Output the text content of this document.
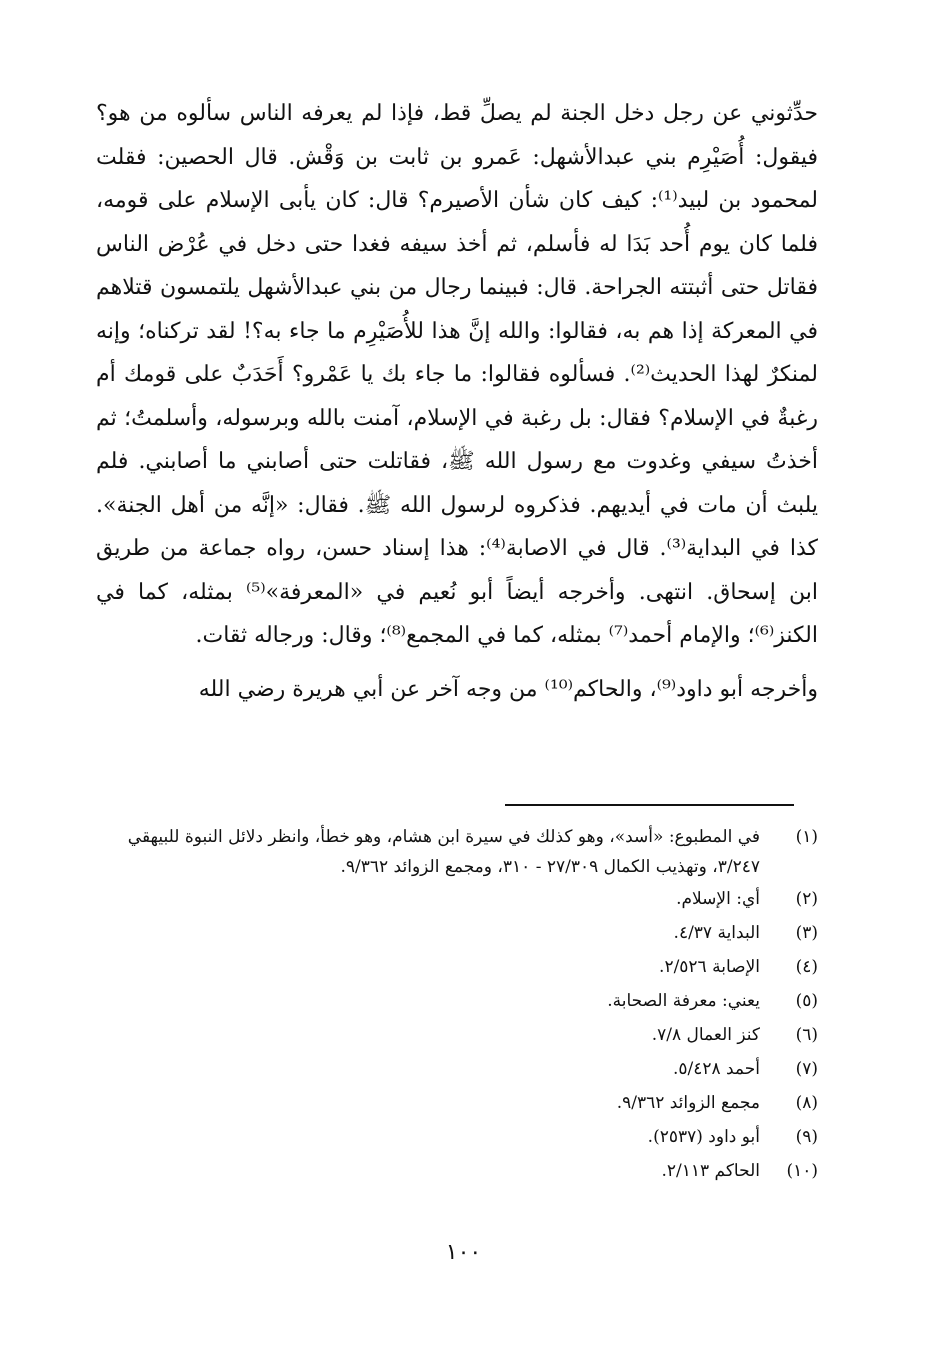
حدِّثوني عن رجل دخل الجنة لم يصلِّ قط، فإذا لم يعرفه الناس سألوه من هو؟ فيقول: أُصَيْرِم بني عبدالأشهل: عَمرو بن ثابت بن وَقْش. قال الحصين: فقلت لمحمود بن لبيد⁽¹⁾: كيف كان شأن الأصيرم؟ قال: كان يأبى الإسلام على قومه، فلما كان يوم أُحد بَدَا له فأسلم، ثم أخذ سيفه فغدا حتى دخل في عُرْض الناس فقاتل حتى أثبتته الجراحة. قال: فبينما رجال من بني عبدالأشهل يلتمسون قتلاهم في المعركة إذا هم به، فقالوا: والله إنَّ هذا للأُصَيْرِم ما جاء به؟! لقد تركناه؛ وإنه لمنكرٌ لهذا الحديث⁽²⁾. فسألوه فقالوا: ما جاء بك يا عَمْرو؟ أَحَدَبٌ على قومك أم رغبةٌ في الإسلام؟ فقال: بل رغبة في الإسلام، آمنت بالله وبرسوله، وأسلمتُ؛ ثم أخذتُ سيفي وغدوت مع رسول الله ﷺ، فقاتلت حتى أصابني ما أصابني. فلم يلبث أن مات في أيديهم. فذكروه لرسول الله ﷺ. فقال: «إنَّه من أهل الجنة». كذا في البداية⁽³⁾. قال في الاصابة⁽⁴⁾: هذا إسناد حسن، رواه جماعة من طريق ابن إسحاق. انتهى. وأخرجه أيضاً أبو نُعيم في «المعرفة»⁽⁵⁾ بمثله، كما في الكنز⁽⁶⁾؛ والإمام أحمد⁽⁷⁾ بمثله، كما في المجمع⁽⁸⁾؛ وقال: ورجاله ثقات.

وأخرجه أبو داود⁽⁹⁾، والحاكم⁽¹⁰⁾ من وجه آخر عن أبي هريرة رضي الله

(١)
في المطبوع: «أسد»، وهو كذلك في سيرة ابن هشام، وهو خطأ، وانظر دلائل النبوة للبيهقي ٣/٢٤٧، وتهذيب الكمال ٢٧/٣٠٩ - ٣١٠، ومجمع الزوائد ٩/٣٦٢.
(٢)
أي: الإسلام.
(٣)
البداية ٤/٣٧.
(٤)
الإصابة ٢/٥٢٦.
(٥)
يعني: معرفة الصحابة.
(٦)
كنز العمال ٧/٨.
(٧)
أحمد ٥/٤٢٨.
(٨)
مجمع الزوائد ٩/٣٦٢.
(٩)
أبو داود (٢٥٣٧).
(١٠)
الحاكم ٢/١١٣.
١٠٠
